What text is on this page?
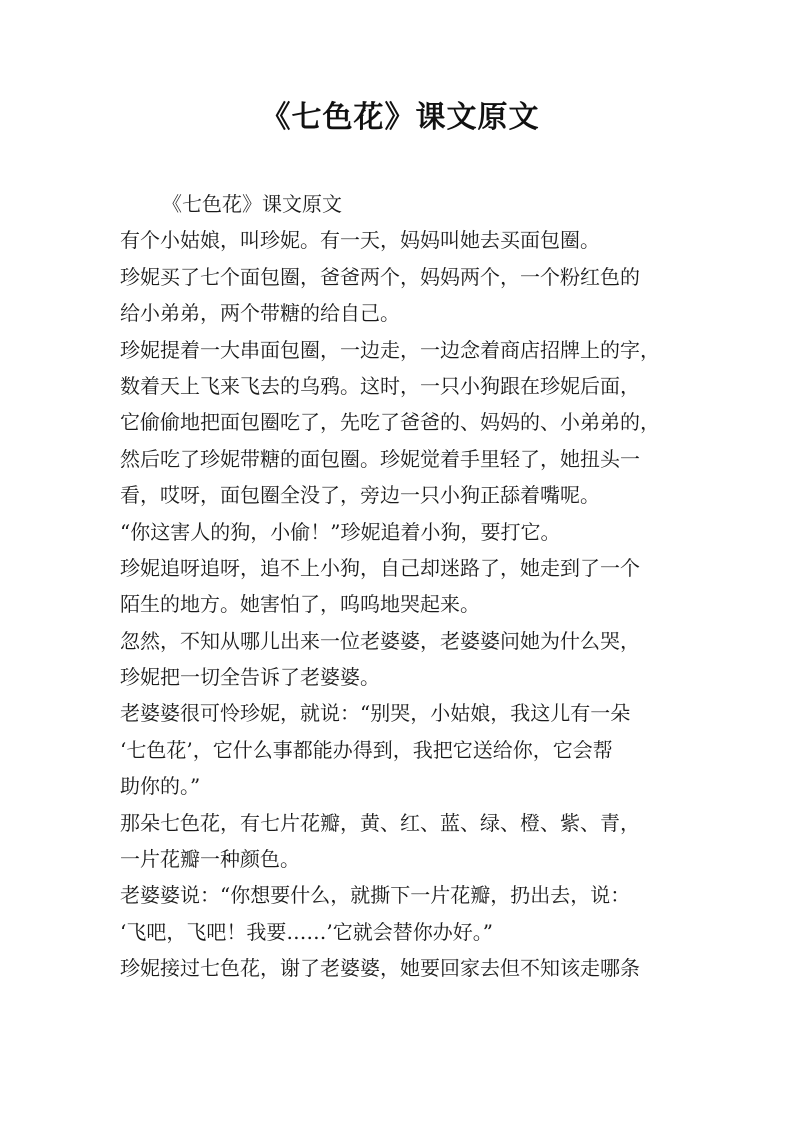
《七色花》课文原文
《七色花》课文原文
有个小姑娘，叫珍妮。有一天，妈妈叫她去买面包圈。
珍妮买了七个面包圈，爸爸两个，妈妈两个，一个粉红色的
给小弟弟，两个带糖的给自己。
珍妮提着一大串面包圈，一边走，一边念着商店招牌上的字，
数着天上飞来飞去的乌鸦。这时，一只小狗跟在珍妮后面，
它偷偷地把面包圈吃了，先吃了爸爸的、妈妈的、小弟弟的，
然后吃了珍妮带糖的面包圈。珍妮觉着手里轻了，她扭头一
看，哎呀，面包圈全没了，旁边一只小狗正舔着嘴呢。
“你这害人的狗，小偷！”珍妮追着小狗，要打它。
珍妮追呀追呀，追不上小狗，自己却迷路了，她走到了一个
陌生的地方。她害怕了，呜呜地哭起来。
忽然，不知从哪儿出来一位老婆婆，老婆婆问她为什么哭，
珍妮把一切全告诉了老婆婆。
老婆婆很可怜珍妮，就说：“别哭，小姑娘，我这儿有一朵
‘七色花’，它什么事都能办得到，我把它送给你，它会帮
助你的。”
那朵七色花，有七片花瓣，黄、红、蓝、绿、橙、紫、青，
一片花瓣一种颜色。
老婆婆说：“你想要什么，就撕下一片花瓣，扔出去，说：
‘飞吧，飞吧！我要……’它就会替你办好。”
珍妮接过七色花，谢了老婆婆，她要回家去但不知该走哪条
